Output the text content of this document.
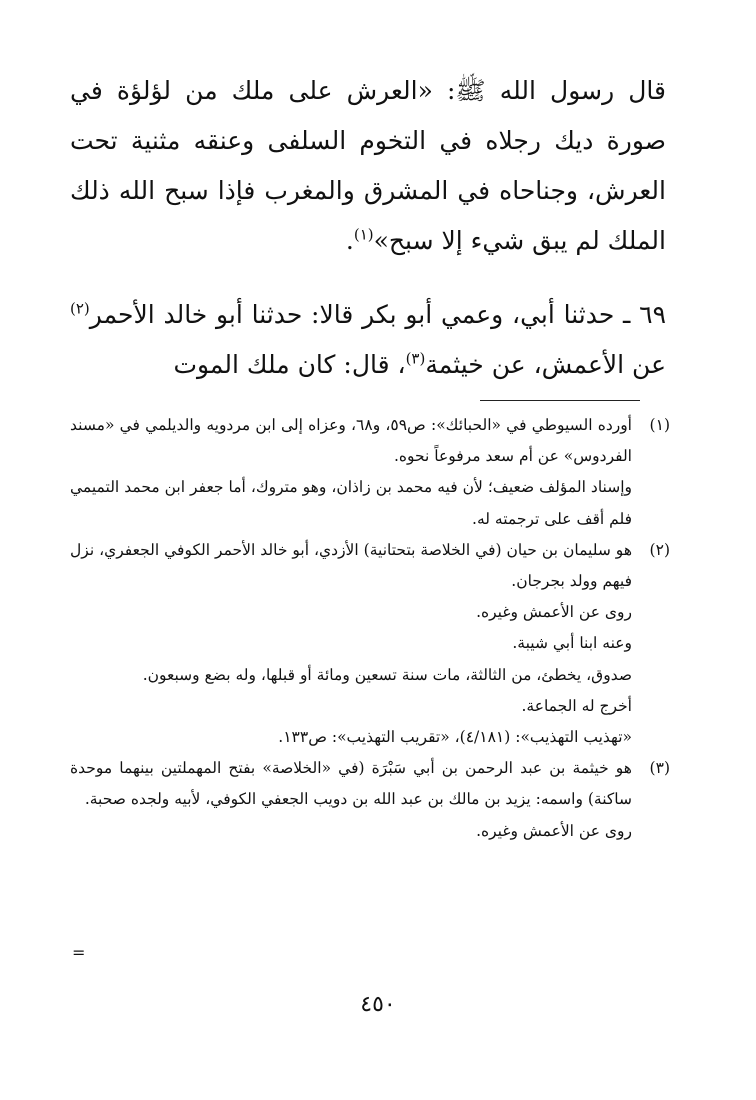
قال رسول الله ﷺ: «العرش على ملك من لؤلؤة في صورة ديك رجلاه في التخوم السلفى وعنقه مثنية تحت العرش، وجناحاه في المشرق والمغرب فإذا سبح الله ذلك الملك لم يبق شيء إلا سبح»$^{(١)}$.

٦٩ ـ حدثنا أبي، وعمي أبو بكر قالا: حدثنا أبو خالد الأحمر$^{(٢)}$ عن الأعمش، عن خيثمة$^{(٣)}$، قال: كان ملك الموت

(١)
أورده السيوطي في «الحبائك»: ص٥٩، و٦٨، وعزاه إلى ابن مردويه والديلمي في «مسند الفردوس» عن أم سعد مرفوعاً نحوه.
وإسناد المؤلف ضعيف؛ لأن فيه محمد بن زاذان، وهو متروك، أما جعفر ابن محمد التميمي فلم أقف على ترجمته له.
(٢)
هو سليمان بن حيان (في الخلاصة بتحتانية) الأزدي، أبو خالد الأحمر الكوفي الجعفري، نزل فيهم وولد بجرجان.
روى عن الأعمش وغيره.
وعنه ابنا أبي شيبة.
صدوق، يخطئ، من الثالثة، مات سنة تسعين ومائة أو قبلها، وله بضع وسبعون.
أخرج له الجماعة.
«تهذيب التهذيب»: (٤/١٨١)، «تقريب التهذيب»: ص١٣٣.
(٣)
هو خيثمة بن عبد الرحمن بن أبي سَبْرَة (في «الخلاصة» بفتح المهملتين بينهما موحدة ساكنة) واسمه: يزيد بن مالك بن عبد الله بن دويب الجعفي الكوفي، لأبيه ولجده صحبة.
روى عن الأعمش وغيره.
=
٤٥٠
